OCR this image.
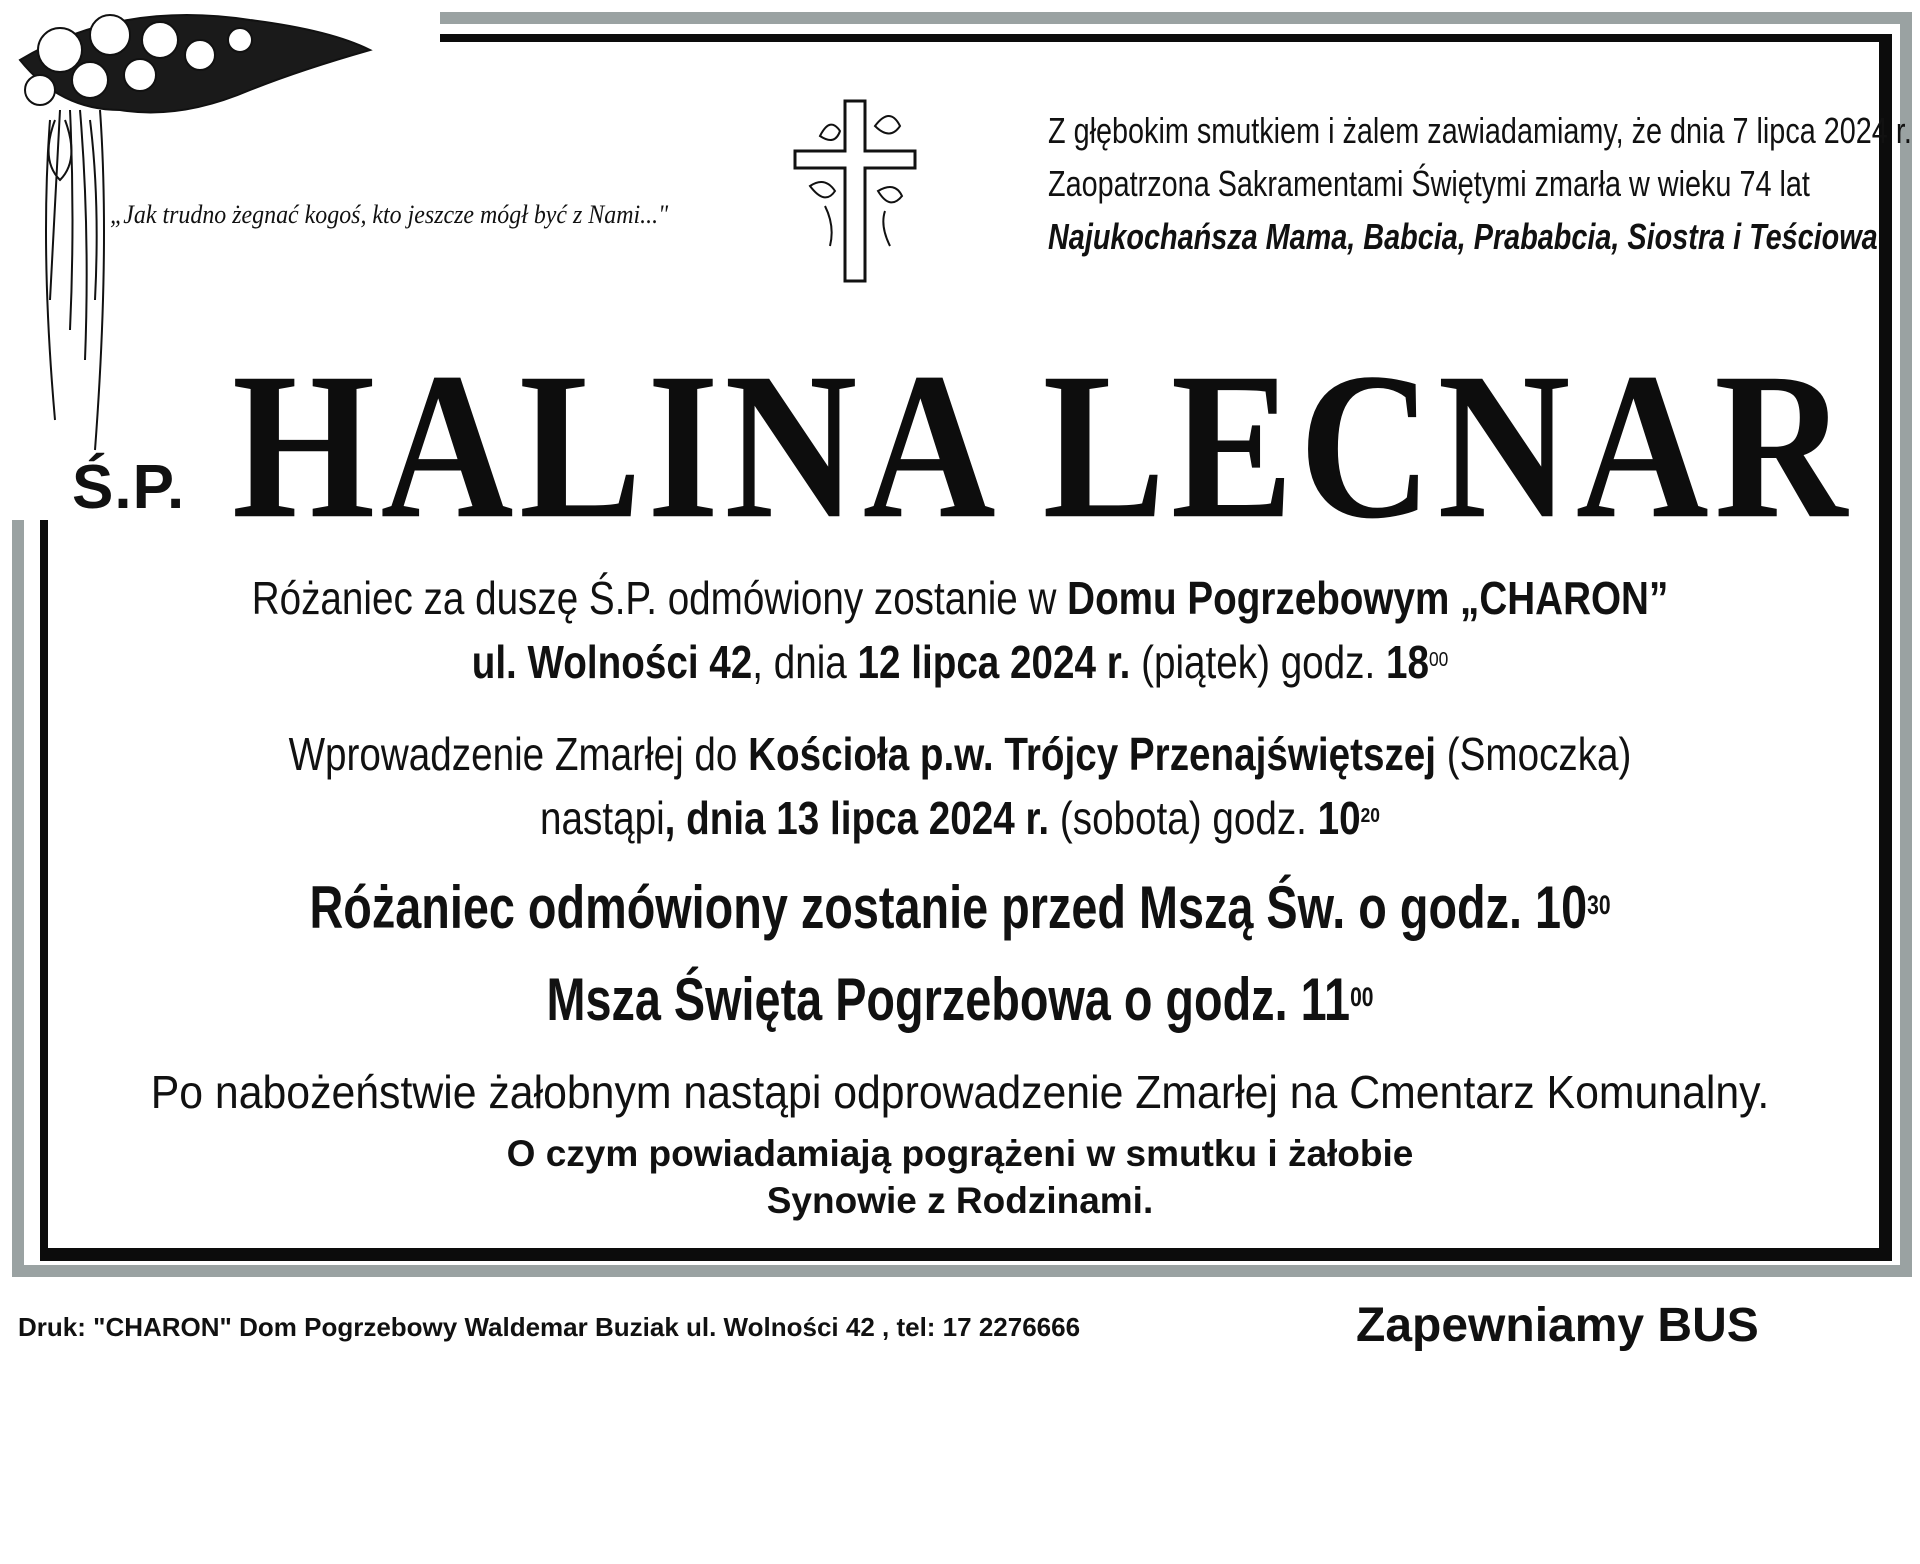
„Jak trudno żegnać kogoś, kto jeszcze mógł być z Nami..."
Z głębokim smutkiem i żalem zawiadamiamy, że dnia 7 lipca 2024 r.
Zaopatrzona Sakramentami Świętymi zmarła w wieku 74 lat
Najukochańsza Mama, Babcia, Prababcia, Siostra i Teściowa
Ś.P. HALINA LECNAR
Różaniec za duszę Ś.P. odmówiony zostanie w Domu Pogrzebowym „CHARON”
ul. Wolności 42, dnia 12 lipca 2024 r. (piątek) godz. $18^{00}$
Wprowadzenie Zmarłej do Kościoła p.w. Trójcy Przenajświętszej (Smoczka)
nastąpi, dnia 13 lipca 2024 r. (sobota) godz. $10^{20}$
Różaniec odmówiony zostanie przed Mszą Św. o godz. $10^{30}$
Msza Święta Pogrzebowa o godz. $11^{00}$
Po nabożeństwie żałobnym nastąpi odprowadzenie Zmarłej na Cmentarz Komunalny.
O czym powiadamiają pogrążeni w smutku i żałobie
Synowie z Rodzinami.
Druk: "CHARON" Dom Pogrzebowy Waldemar Buziak ul. Wolności 42 , tel: 17 2276666	Zapewniamy BUS
